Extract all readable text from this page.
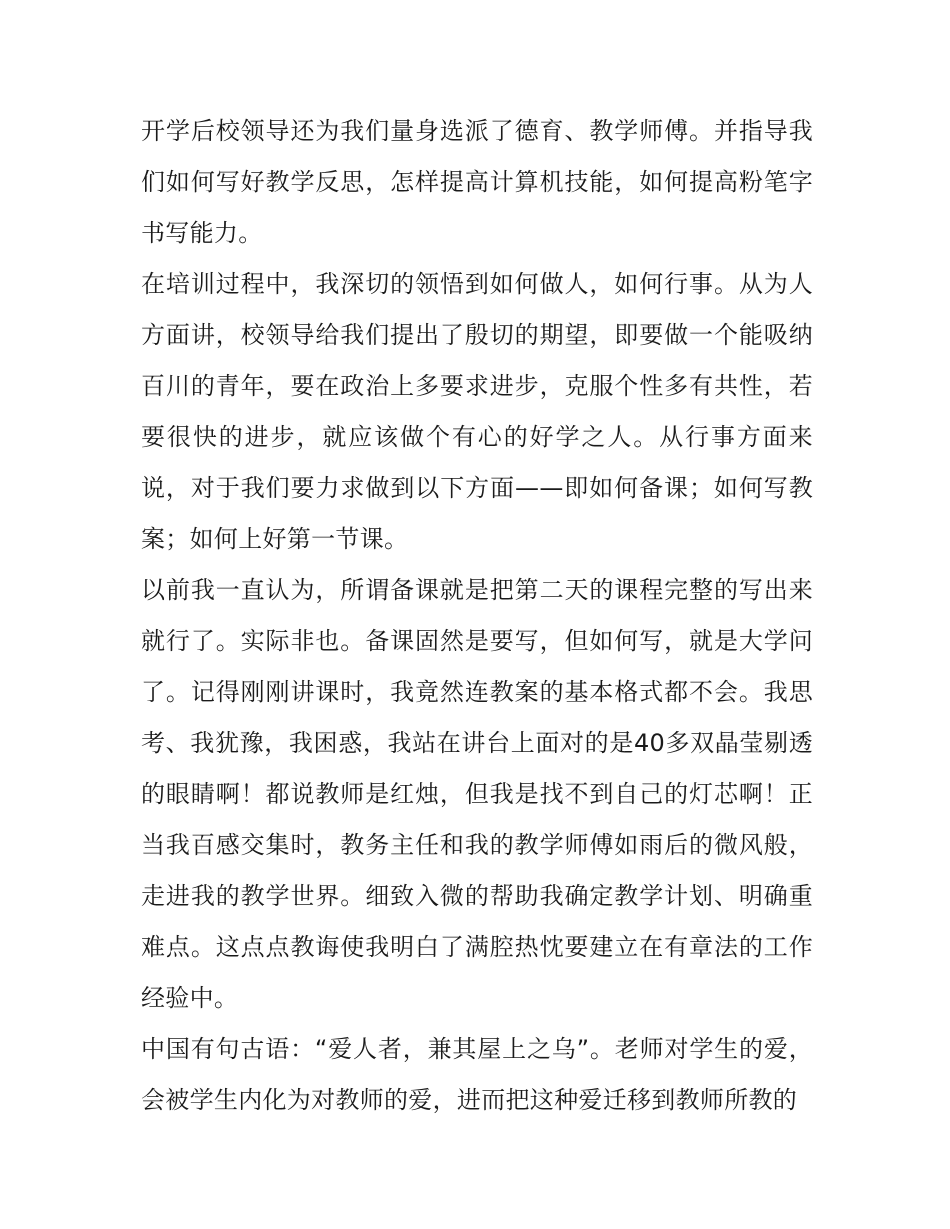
开学后校领导还为我们量身选派了德育、教学师傅。并指导我们如何写好教学反思，怎样提高计算机技能，如何提高粉笔字书写能力。

在培训过程中，我深切的领悟到如何做人，如何行事。从为人方面讲，校领导给我们提出了殷切的期望，即要做一个能吸纳百川的青年，要在政治上多要求进步，克服个性多有共性，若要很快的进步，就应该做个有心的好学之人。从行事方面来说，对于我们要力求做到以下方面——即如何备课；如何写教案；如何上好第一节课。

以前我一直认为，所谓备课就是把第二天的课程完整的写出来就行了。实际非也。备课固然是要写，但如何写，就是大学问了。记得刚刚讲课时，我竟然连教案的基本格式都不会。我思考、我犹豫，我困惑，我站在讲台上面对的是40多双晶莹剔透的眼睛啊！都说教师是红烛，但我是找不到自己的灯芯啊！正当我百感交集时，教务主任和我的教学师傅如雨后的微风般，走进我的教学世界。细致入微的帮助我确定教学计划、明确重难点。这点点教诲使我明白了满腔热忱要建立在有章法的工作经验中。

中国有句古语：“爱人者，兼其屋上之乌”。老师对学生的爱，会被学生内化为对教师的爱，进而把这种爱迁移到教师所教的
